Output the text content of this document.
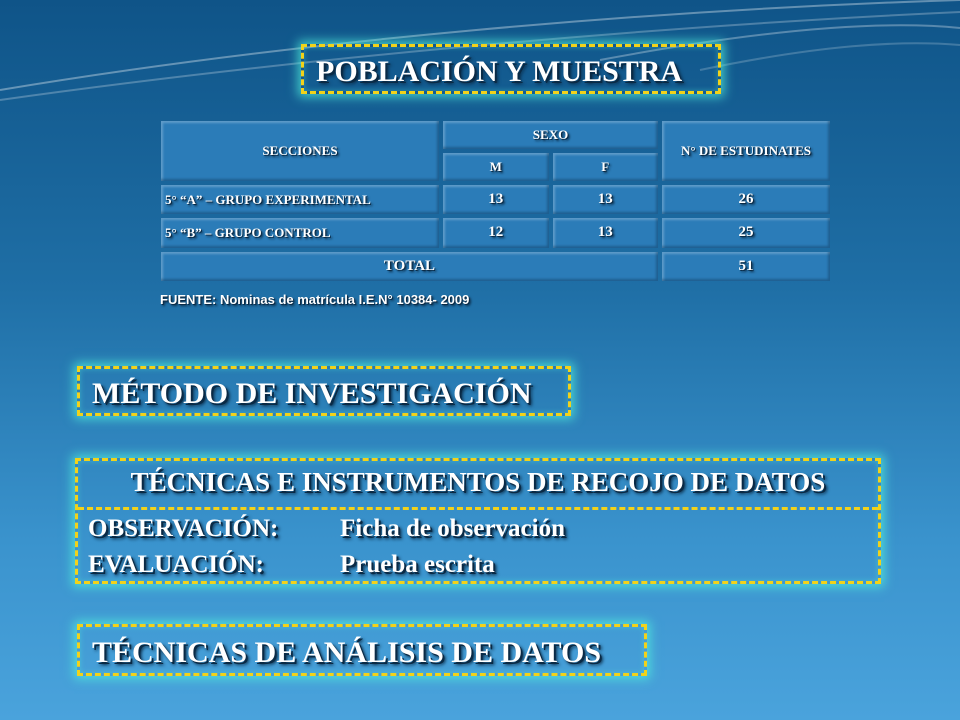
POBLACIÓN Y MUESTRA
SECCIONES	SEXO		N° DE ESTUDINATES
	M	F	
5° “A” – GRUPO EXPERIMENTAL	13	13	26
5° “B” – GRUPO CONTROL	12	13	25
TOTAL			51
FUENTE: Nominas de matrícula I.E.N° 10384- 2009
MÉTODO DE INVESTIGACIÓN
TÉCNICAS E INSTRUMENTOS DE RECOJO DE DATOS
OBSERVACIÓN: Ficha de observación
EVALUACIÓN:	Prueba escrita
TÉCNICAS DE ANÁLISIS DE DATOS
